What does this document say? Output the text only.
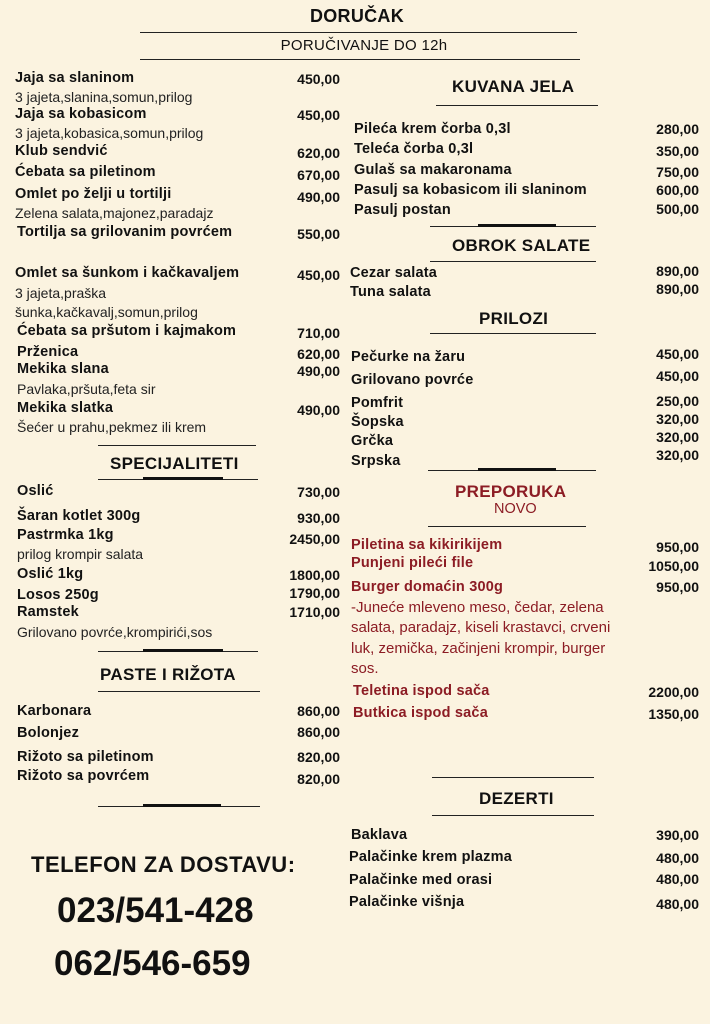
DORUČAK
PORUČIVANJE DO 12h
Jaja sa slaninom	450,00
3 jajeta,slanina,somun,prilog
Jaja sa kobasicom	450,00
3 jajeta,kobasica,somun,prilog
Klub sendvić	620,00
Ćebata sa piletinom	670,00
Omlet po želji u tortilji	490,00
Zelena salata,majonez,paradajz
Tortilja sa grilovanim povrćem	550,00
Omlet sa šunkom i kačkavaljem	450,00
3 jajeta,praška
šunka,kačkavalj,somun,prilog
Ćebata sa pršutom i kajmakom	710,00
Prženica	620,00
Mekika slana	490,00
Pavlaka,pršuta,feta sir
Mekika slatka	490,00
Šećer u prahu,pekmez ili krem
SPECIJALITETI
Oslić	730,00
Šaran kotlet 300g	930,00
Pastrmka 1kg	2450,00
prilog krompir salata
Oslić 1kg	1800,00
Losos 250g	1790,00
Ramstek	1710,00
Grilovano povrće,krompirići,sos
PASTE I RIŽOTA
Karbonara	860,00
Bolonjez	860,00
Rižoto sa piletinom	820,00
Rižoto sa povrćem	820,00
TELEFON ZA DOSTAVU:
023/541-428
062/546-659
KUVANA JELA
Pileća krem čorba 0,3l	280,00
Teleća čorba 0,3l	350,00
Gulaš sa makaronama	750,00
Pasulj sa kobasicom ili slaninom	600,00
Pasulj postan	500,00
OBROK SALATE
Cezar salata	890,00
Tuna salata	890,00
PRILOZI
Pečurke na žaru	450,00
Grilovano povrće	450,00
Pomfrit	250,00
Šopska	320,00
Grčka	320,00
Srpska	320,00
PREPORUKA
NOVO
Piletina sa kikirikijem	950,00
Punjeni pileći file	1050,00
Burger domaćin 300g	950,00
-Juneće mleveno meso, čedar, zelena
salata, paradajz, kiseli krastavci, crveni
luk, zemička, začinjeni krompir, burger
sos.
Teletina ispod sača	2200,00
Butkica ispod sača	1350,00
DEZERTI
Baklava	390,00
Palačinke krem plazma	480,00
Palačinke med orasi	480,00
Palačinke višnja	480,00
